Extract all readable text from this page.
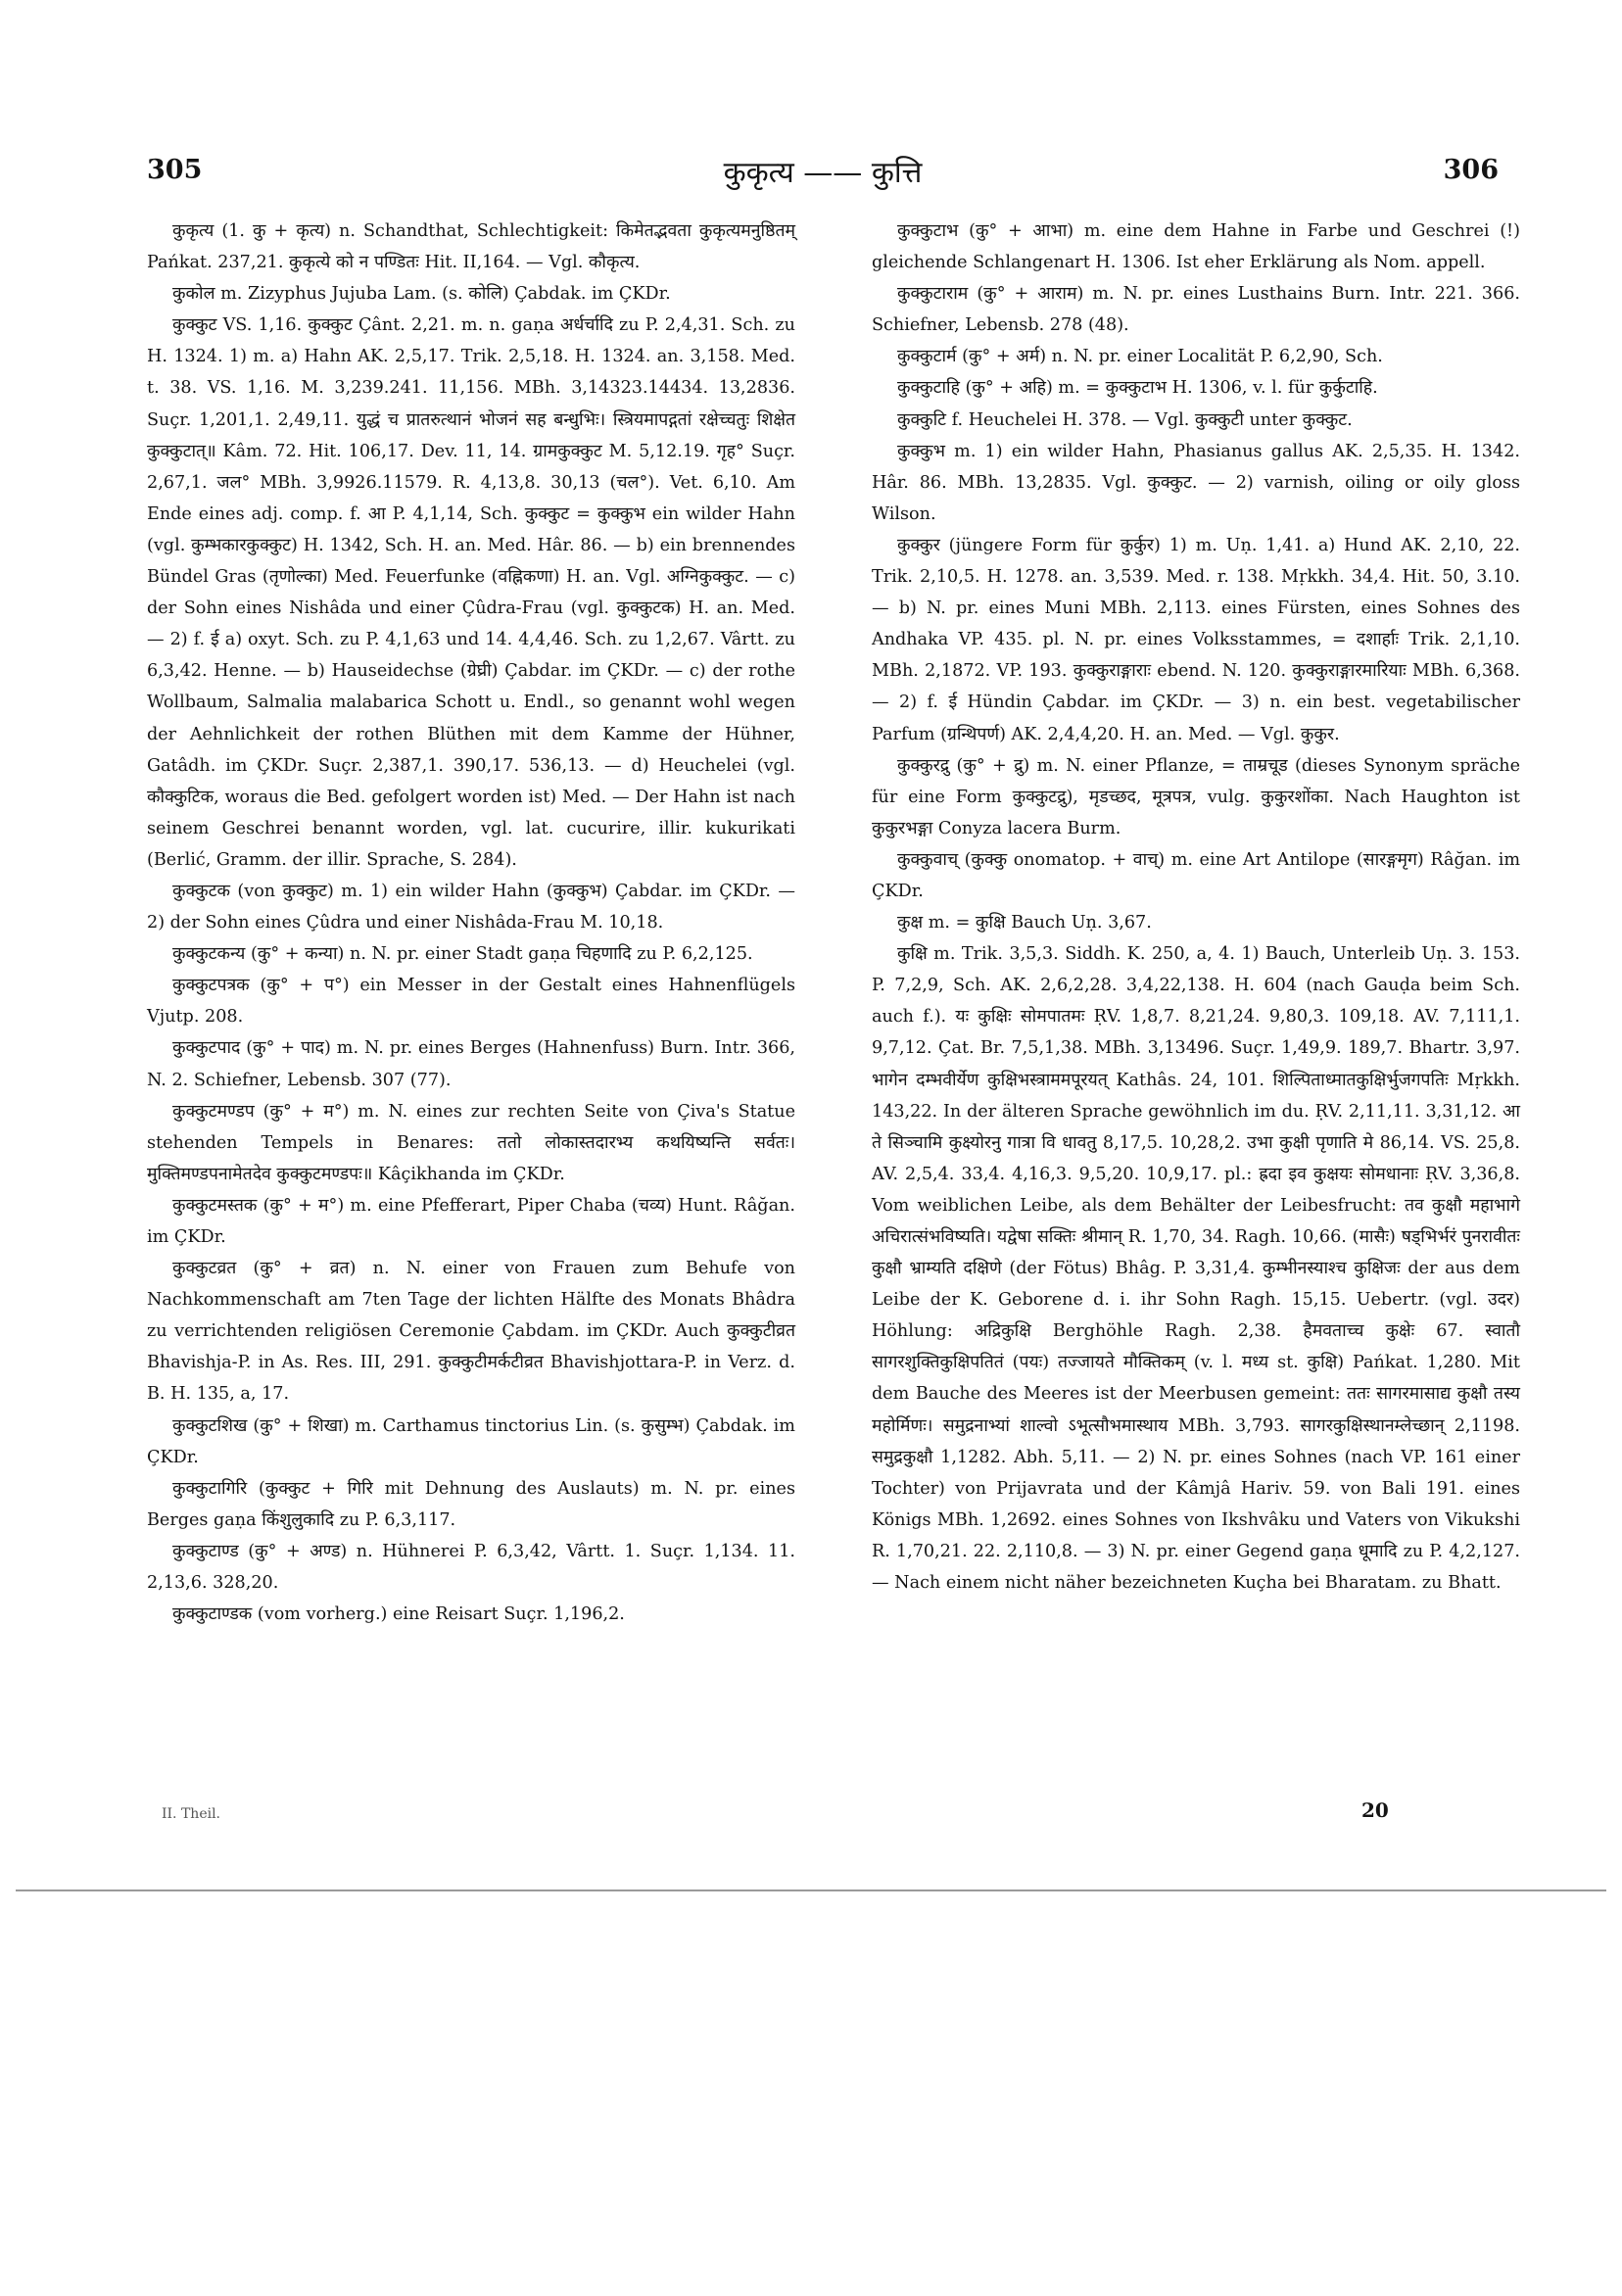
305	कुकृत्य —— कुत्ति	306

कुकृत्य (1. कु + कृत्य) n. Schandthat, Schlechtigkeit: किमेतद्भवता कुकृत्यमनुष्ठितम् Pańkat. 237,21. कुकृत्ये को न पण्डितः Hit. II,164. — Vgl. कौकृत्य.

कुकोल m. Zizyphus Jujuba Lam. (s. कोलि) Çabdak. im ÇKDr.

कुक्कुट VS. 1,16. कुक्कुट Çânt. 2,21. m. n. gaṇa अर्धर्चादि zu P. 2,4,31. Sch. zu H. 1324. 1) m. a) Hahn AK. 2,5,17. Trik. 2,5,18. H. 1324. an. 3,158. Med. t. 38. VS. 1,16. M. 3,239.241. 11,156. MBh. 3,14323.14434. 13,2836. Suçr. 1,201,1. 2,49,11. युद्धं च प्रातरुत्थानं भोजनं सह बन्धुभिः। स्त्रियमापद्गतां रक्षेच्चतुः शिक्षेत कुक्कुटात्॥ Kâm. 72. Hit. 106,17. Dev. 11, 14. ग्रामकुक्कुट M. 5,12.19. गृह° Suçr. 2,67,1. जल° MBh. 3,9926.11579. R. 4,13,8. 30,13 (चल°). Vet. 6,10. Am Ende eines adj. comp. f. आ P. 4,1,14, Sch. कुक्कुट = कुक्कुभ ein wilder Hahn (vgl. कुम्भकारकुक्कुट) H. 1342, Sch. H. an. Med. Hâr. 86. — b) ein brennendes Bündel Gras (तृणोल्का) Med. Feuerfunke (वह्निकणा) H. an. Vgl. अग्निकुक्कुट. — c) der Sohn eines Nishâda und einer Çûdra-Frau (vgl. कुक्कुटक) H. an. Med. — 2) f. ई a) oxyt. Sch. zu P. 4,1,63 und 14. 4,4,46. Sch. zu 1,2,67. Vârtt. zu 6,3,42. Henne. — b) Hauseidechse (ग्रेघ्री) Çabdar. im ÇKDr. — c) der rothe Wollbaum, Salmalia malabarica Schott u. Endl., so genannt wohl wegen der Aehnlichkeit der rothen Blüthen mit dem Kamme der Hühner, Gatâdh. im ÇKDr. Suçr. 2,387,1. 390,17. 536,13. — d) Heuchelei (vgl. कौक्कुटिक, woraus die Bed. gefolgert worden ist) Med. — Der Hahn ist nach seinem Geschrei benannt worden, vgl. lat. cucurire, illir. kukurikati (Berlić, Gramm. der illir. Sprache, S. 284).

कुक्कुटक (von कुक्कुट) m. 1) ein wilder Hahn (कुक्कुभ) Çabdar. im ÇKDr. — 2) der Sohn eines Çûdra und einer Nishâda-Frau M. 10,18.

कुक्कुटकन्य (कु° + कन्या) n. N. pr. einer Stadt gaṇa चिहणादि zu P. 6,2,125.

कुक्कुटपत्रक (कु° + प°) ein Messer in der Gestalt eines Hahnenflügels Vjutp. 208.

कुक्कुटपाद (कु° + पाद) m. N. pr. eines Berges (Hahnenfuss) Burn. Intr. 366, N. 2. Schiefner, Lebensb. 307 (77).

कुक्कुटमण्डप (कु° + म°) m. N. eines zur rechten Seite von Çiva's Statue stehenden Tempels in Benares: ततो लोकास्तदारभ्य कथयिष्यन्ति सर्वतः। मुक्तिमण्डपनामेतदेव कुक्कुटमण्डपः॥ Kâçikhanda im ÇKDr.

कुक्कुटमस्तक (कु° + म°) m. eine Pfefferart, Piper Chaba (चव्य) Hunt. Râğan. im ÇKDr.

कुक्कुटव्रत (कु° + व्रत) n. N. einer von Frauen zum Behufe von Nachkommenschaft am 7ten Tage der lichten Hälfte des Monats Bhâdra zu verrichtenden religiösen Ceremonie Çabdam. im ÇKDr. Auch कुक्कुटीव्रत Bhavishja-P. in As. Res. III, 291. कुक्कुटीमर्कटीव्रत Bhavishjottara-P. in Verz. d. B. H. 135, a, 17.

कुक्कुटशिख (कु° + शिखा) m. Carthamus tinctorius Lin. (s. कुसुम्भ) Çabdak. im ÇKDr.

कुक्कुटागिरि (कुक्कुट + गिरि mit Dehnung des Auslauts) m. N. pr. eines Berges gaṇa किंशुलुकादि zu P. 6,3,117.

कुक्कुटाण्ड (कु° + अण्ड) n. Hühnerei P. 6,3,42, Vârtt. 1. Suçr. 1,134. 11. 2,13,6. 328,20.

कुक्कुटाण्डक (vom vorherg.) eine Reisart Suçr. 1,196,2.

कुक्कुटाभ (कु° + आभा) m. eine dem Hahne in Farbe und Geschrei (!) gleichende Schlangenart H. 1306. Ist eher Erklärung als Nom. appell.

कुक्कुटाराम (कु° + आराम) m. N. pr. eines Lusthains Burn. Intr. 221. 366. Schiefner, Lebensb. 278 (48).

कुक्कुटार्म (कु° + अर्म) n. N. pr. einer Localität P. 6,2,90, Sch.

कुक्कुटाहि (कु° + अहि) m. = कुक्कुटाभ H. 1306, v. l. für कुर्कुटाहि.

कुक्कुटि f. Heuchelei H. 378. — Vgl. कुक्कुटी unter कुक्कुट.

कुक्कुभ m. 1) ein wilder Hahn, Phasianus gallus AK. 2,5,35. H. 1342. Hâr. 86. MBh. 13,2835. Vgl. कुक्कुट. — 2) varnish, oiling or oily gloss Wilson.

कुक्कुर (jüngere Form für कुर्कुर) 1) m. Uṇ. 1,41. a) Hund AK. 2,10, 22. Trik. 2,10,5. H. 1278. an. 3,539. Med. r. 138. Mṛkkh. 34,4. Hit. 50, 3.10. — b) N. pr. eines Muni MBh. 2,113. eines Fürsten, eines Sohnes des Andhaka VP. 435. pl. N. pr. eines Volksstammes, = दशार्हाः Trik. 2,1,10. MBh. 2,1872. VP. 193. कुक्कुराङ्गाराः ebend. N. 120. कुक्कुराङ्गारमारियाः MBh. 6,368. — 2) f. ई Hündin Çabdar. im ÇKDr. — 3) n. ein best. vegetabilischer Parfum (ग्रन्थिपर्ण) AK. 2,4,4,20. H. an. Med. — Vgl. कुकुर.

कुक्कुरद्रु (कु° + द्रु) m. N. einer Pflanze, = ताम्रचूड (dieses Synonym spräche für eine Form कुक्कुटद्रु), मृडच्छद, मूत्रपत्र, vulg. कुकुरशोंका. Nach Haughton ist कुकुरभङ्गा Conyza lacera Burm.

कुक्कुवाच् (कुक्कु onomatop. + वाच्) m. eine Art Antilope (सारङ्गमृग) Râğan. im ÇKDr.

कुक्ष m. = कुक्षि Bauch Uṇ. 3,67.

कुक्षि m. Trik. 3,5,3. Siddh. K. 250, a, 4. 1) Bauch, Unterleib Uṇ. 3. 153. P. 7,2,9, Sch. AK. 2,6,2,28. 3,4,22,138. H. 604 (nach Gauḍa beim Sch. auch f.). यः कुक्षिः सोमपातमः ṚV. 1,8,7. 8,21,24. 9,80,3. 109,18. AV. 7,111,1. 9,7,12. Çat. Br. 7,5,1,38. MBh. 3,13496. Suçr. 1,49,9. 189,7. Bhartr. 3,97. भागेन दम्भवीर्येण कुक्षिभस्त्राममपूरयत् Kathâs. 24, 101. शिल्पिताध्मातकुक्षिर्भुजगपतिः Mṛkkh. 143,22. In der älteren Sprache gewöhnlich im du. ṚV. 2,11,11. 3,31,12. आ ते सिञ्चामि कुक्ष्योरनु गात्रा वि धावतु 8,17,5. 10,28,2. उभा कुक्षी पृणाति मे 86,14. VS. 25,8. AV. 2,5,4. 33,4. 4,16,3. 9,5,20. 10,9,17. pl.: ह्रदा इव कुक्षयः सोमधानाः ṚV. 3,36,8. Vom weiblichen Leibe, als dem Behälter der Leibesfrucht: तव कुक्षौ महाभागे अचिरात्संभविष्यति। यद्वेषा सक्तिः श्रीमान् R. 1,70, 34. Ragh. 10,66. (मासैः) षड्भिर्भरं पुनरावीतः कुक्षौ भ्राम्यति दक्षिणे (der Fötus) Bhâg. P. 3,31,4. कुम्भीनस्याश्च कुक्षिजः der aus dem Leibe der K. Geborene d. i. ihr Sohn Ragh. 15,15. Uebertr. (vgl. उदर) Höhlung: अद्रिकुक्षि Berghöhle Ragh. 2,38. हैमवताच्च कुक्षेः 67. स्वातौ सागरशुक्तिकुक्षिपतितं (पयः) तज्जायते मौक्तिकम् (v. l. मध्य st. कुक्षि) Pańkat. 1,280. Mit dem Bauche des Meeres ist der Meerbusen gemeint: ततः सागरमासाद्य कुक्षौ तस्य महोर्मिणः। समुद्रनाभ्यां शाल्वो ऽभूत्सौभमास्थाय MBh. 3,793. सागरकुक्षिस्थानम्लेच्छान् 2,1198. समुद्रकुक्षौ 1,1282. Abh. 5,11. — 2) N. pr. eines Sohnes (nach VP. 161 einer Tochter) von Prijavrata und der Kâmjâ Hariv. 59. von Bali 191. eines Königs MBh. 1,2692. eines Sohnes von Ikshvâku und Vaters von Vikukshi R. 1,70,21. 22. 2,110,8. — 3) N. pr. einer Gegend gaṇa धूमादि zu P. 4,2,127. — Nach einem nicht näher bezeichneten Kuçha bei Bharatam. zu Bhatt.

II. Theil.	20
